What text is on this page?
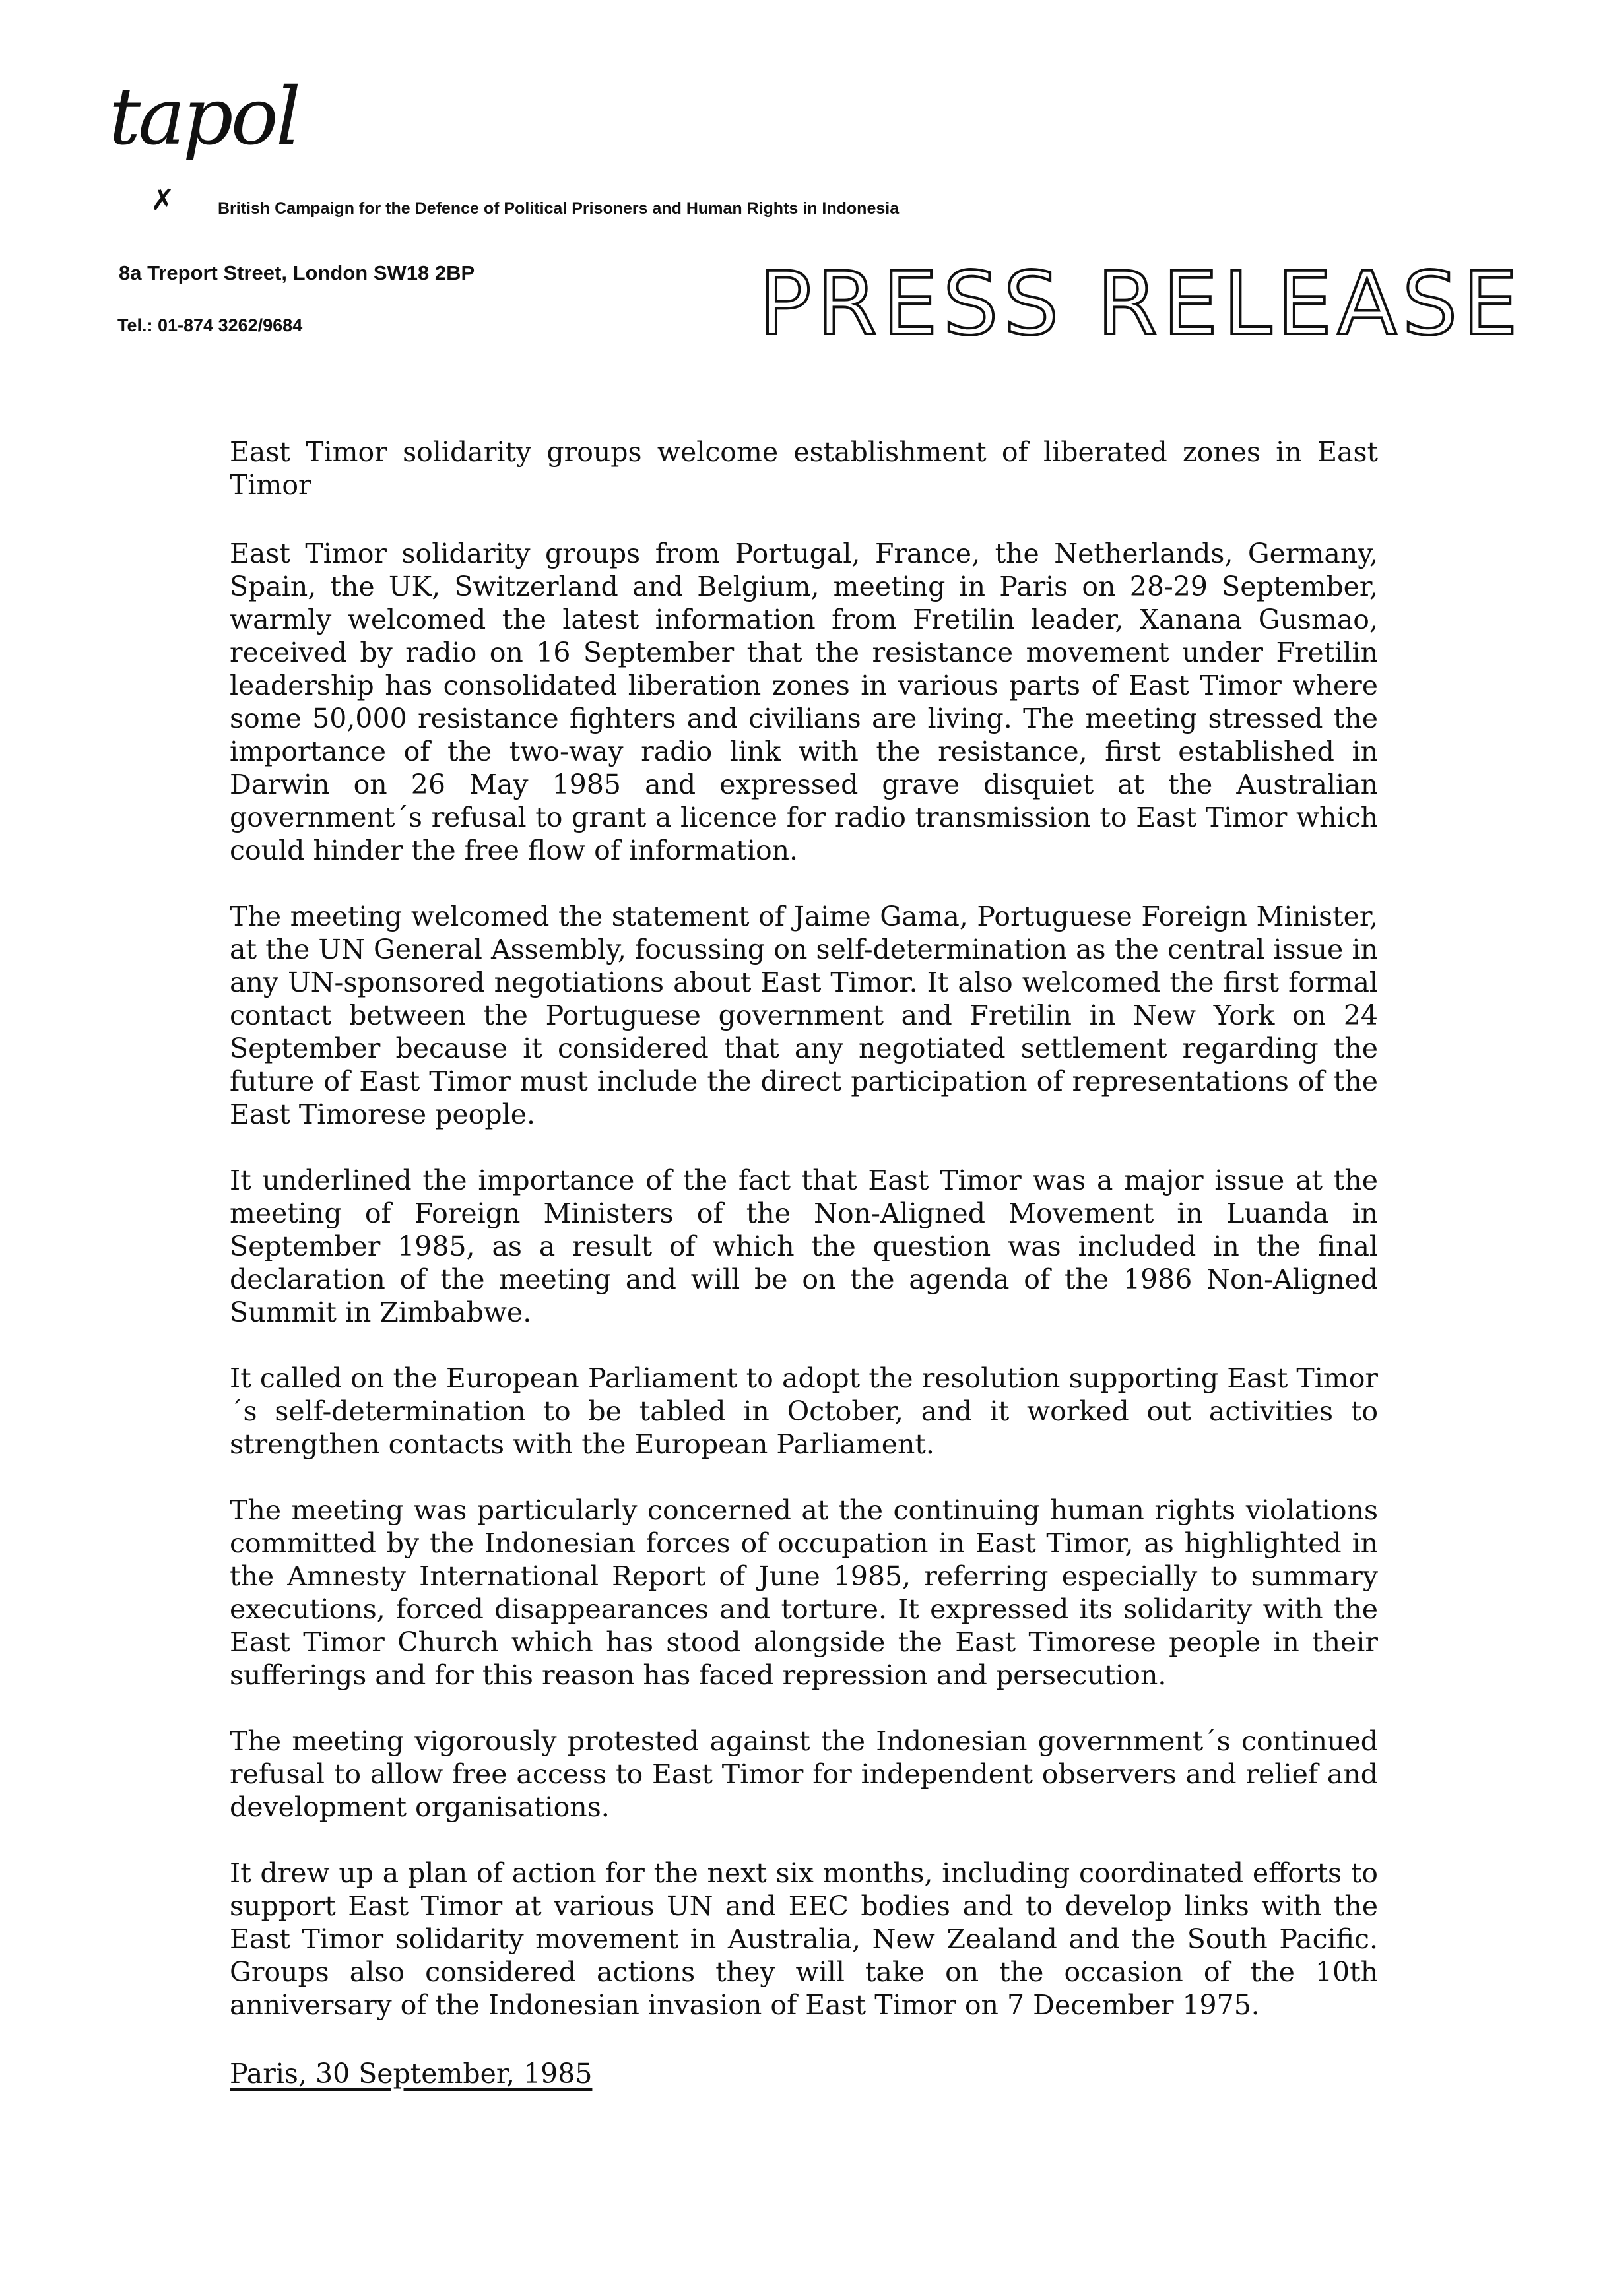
tapol
✗	British Campaign for the Defence of Political Prisoners and Human Rights in Indonesia
8a Treport Street, London SW18 2BP
Tel.: 01-874 3262/9684	PRESS RELEASE
East Timor solidarity groups welcome establishment of liberated zones in East Timor

East Timor solidarity groups from Portugal, France, the Netherlands, Germany, Spain, the UK, Switzerland and Belgium, meeting in Paris on 28-29 September, warmly welcomed the latest information from Fretilin leader, Xanana Gusmao, received by radio on 16 September that the resistance movement under Fretilin leadership has consolidated liberation zones in various parts of East Timor where some 50,000 resistance fighters and civilians are living. The meeting stressed the importance of the two-way radio link with the resistance, first established in Darwin on 26 May 1985 and expressed grave disquiet at the Australian government´s refusal to grant a licence for radio transmission to East Timor which could hinder the free flow of information.

The meeting welcomed the statement of Jaime Gama, Portuguese Foreign Minister, at the UN General Assembly, focussing on self-determination as the central issue in any UN-sponsored negotiations about East Timor. It also welcomed the first formal contact between the Portuguese government and Fretilin in New York on 24 September because it considered that any negotiated settlement regarding the future of East Timor must include the direct participation of representations of the East Timorese people.

It underlined the importance of the fact that East Timor was a major issue at the meeting of Foreign Ministers of the Non-Aligned Movement in Luanda in September 1985, as a result of which the question was included in the final declaration of the meeting and will be on the agenda of the 1986 Non-Aligned Summit in Zimbabwe.

It called on the European Parliament to adopt the resolution supporting East Timor´s self-determination to be tabled in October, and it worked out activities to strengthen contacts with the European Parliament.

The meeting was particularly concerned at the continuing human rights violations committed by the Indonesian forces of occupation in East Timor, as highlighted in the Amnesty International Report of June 1985, referring especially to summary executions, forced disappearances and torture. It expressed its solidarity with the East Timor Church which has stood alongside the East Timorese people in their sufferings and for this reason has faced repression and persecution.

The meeting vigorously protested against the Indonesian government´s continued refusal to allow free access to East Timor for independent observers and relief and development organisations.

It drew up a plan of action for the next six months, including coordinated efforts to support East Timor at various UN and EEC bodies and to develop links with the East Timor solidarity movement in Australia, New Zealand and the South Pacific. Groups also considered actions they will take on the occasion of the 10th anniversary of the Indonesian invasion of East Timor on 7 December 1975.

Paris, 30 September, 1985
